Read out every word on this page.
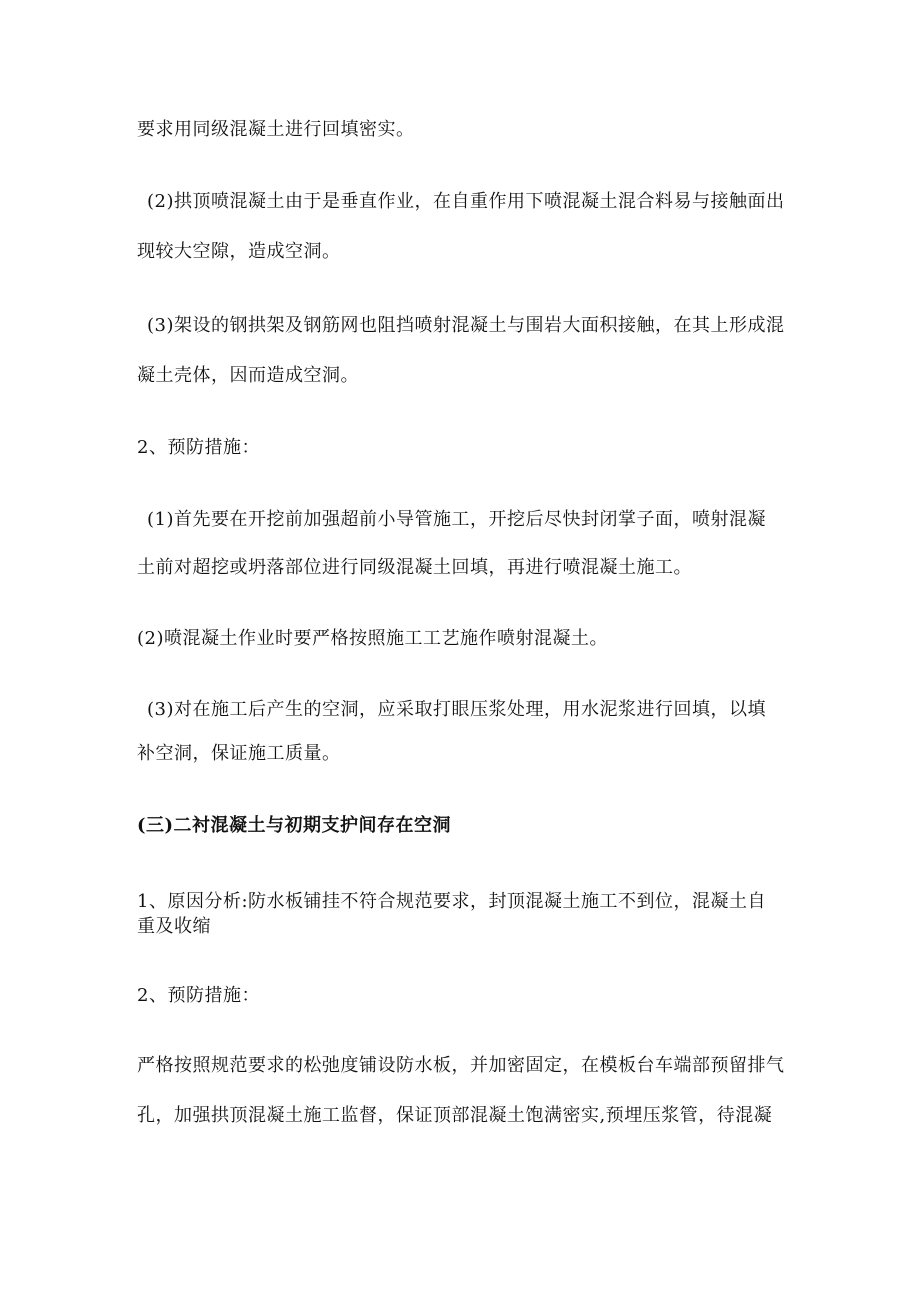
要求用同级混凝土进行回填密实。
(2)拱顶喷混凝土由于是垂直作业，在自重作用下喷混凝土混合料易与接触面出
现较大空隙，造成空洞。
(3)架设的钢拱架及钢筋网也阻挡喷射混凝土与围岩大面积接触，在其上形成混
凝土壳体，因而造成空洞。
2、预防措施：
(1)首先要在开挖前加强超前小导管施工，开挖后尽快封闭掌子面，喷射混凝
土前对超挖或坍落部位进行同级混凝土回填，再进行喷混凝土施工。
(2)喷混凝土作业时要严格按照施工工艺施作喷射混凝土。
(3)对在施工后产生的空洞，应采取打眼压浆处理，用水泥浆进行回填，以填
补空洞，保证施工质量。
(三)二衬混凝土与初期支护间存在空洞
1、原因分析:防水板铺挂不符合规范要求，封顶混凝土施工不到位，混凝土自
重及收缩
2、预防措施：
严格按照规范要求的松弛度铺设防水板，并加密固定，在模板台车端部预留排气
孔，加强拱顶混凝土施工监督，保证顶部混凝土饱满密实,预埋压浆管，待混凝
